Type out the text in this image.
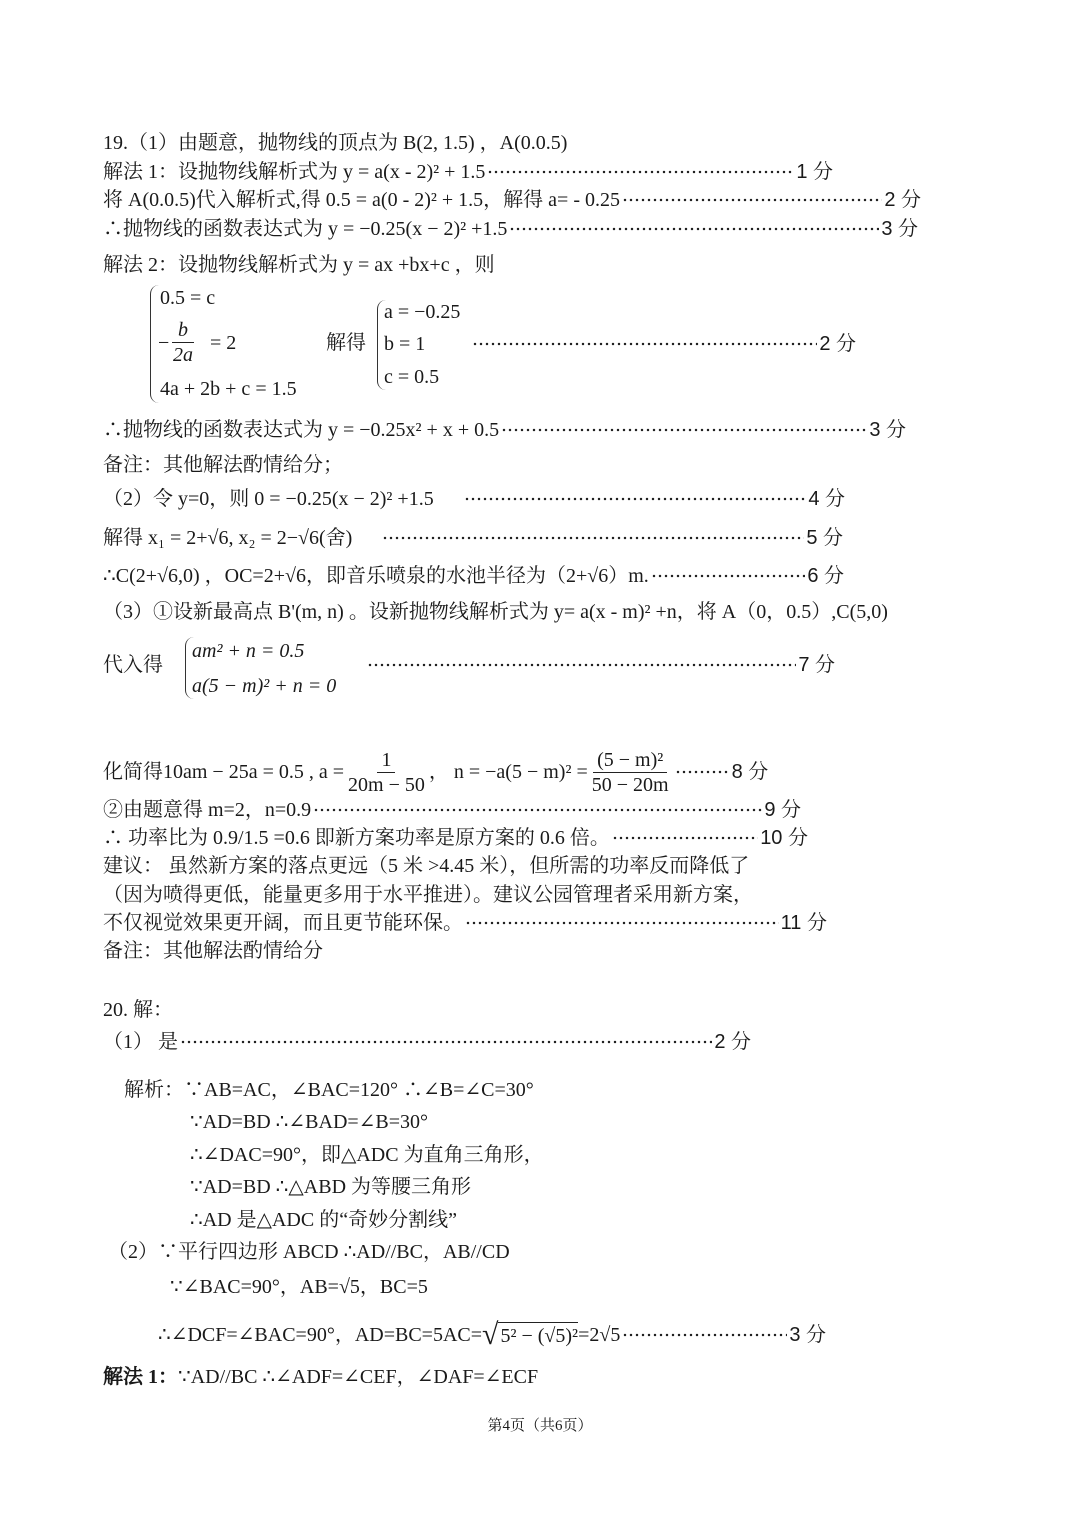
19.（1）由题意，抛物线的顶点为 B(2, 1.5) ，A(0.0.5)
解法 1：设抛物线解析式为 y = a(x - 2)² + 1.5	1 分
将 A(0.0.5)代入解析式,得 0.5 = a(0 - 2)² + 1.5，解得 a= - 0.25	2 分
∴抛物线的函数表达式为 y = −0.25(x − 2)² +1.5	3 分
解法 2：设抛物线解析式为 y = ax +bx+c ，则
0.5 = c
− $\frac{b}{2a} = 2$
4a + 2b + c = 1.5
解得
a = −0.25
b = 1
c = 0.5
2 分
∴抛物线的函数表达式为 y = −0.25x² + x + 0.5	3 分
备注：其他解法酌情给分；
（2）令 y=0，则 0 = −0.25(x − 2)² +1.5	4 分
解得 x₁ = 2+√6, x₂ = 2−√6(舍)	5 分
∴C(2+√6,0) ，OC=2+√6，即音乐喷泉的水池半径为（2+√6）m.	6 分
（3）①设新最高点 B'(m, n) 。设新抛物线解析式为 y= a(x - m)² +n，将 A（0，0.5）,C(5,0)
代入得
am² + n = 0.5
a(5 − m)² + n = 0
7 分
化简得10am − 25a = 0.5 , $a = \frac{1}{20m - 50}$ ， $n = -a(5 - m)^2 = \frac{\text{(5 − m)²}}{50 - 20m}$	8 分
②由题意得 m=2，n=0.9	9 分
∴ 功率比为 0.9/1.5 =0.6 即新方案功率是原方案的 0.6 倍。	10 分
建议： 虽然新方案的落点更远（5 米 >4.45 米），但所需的功率反而降低了
（因为喷得更低，能量更多用于水平推进）。建议公园管理者采用新方案，
不仅视觉效果更开阔，而且更节能环保。	11 分
备注：其他解法酌情给分
20. 解：
（1） 是	2 分
解析：∵AB=AC，∠BAC=120° ∴∠B=∠C=30°
∵AD=BD ∴∠BAD=∠B=30°
∴∠DAC=90°，即△ADC 为直角三角形，
∵AD=BD ∴△ABD 为等腰三角形
∴AD 是△ADC 的“奇妙分割线”
（2）∵平行四边形 ABCD ∴AD//BC，AB//CD
∵∠BAC=90°，AB=√5，BC=5
∴∠DCF=∠BAC=90°，AD=BC=5AC= √ 5² − (√5)² =2√5	3 分
解法 1：∵AD//BC ∴∠ADF=∠CEF，∠DAF=∠ECF
第4页（共6页）
